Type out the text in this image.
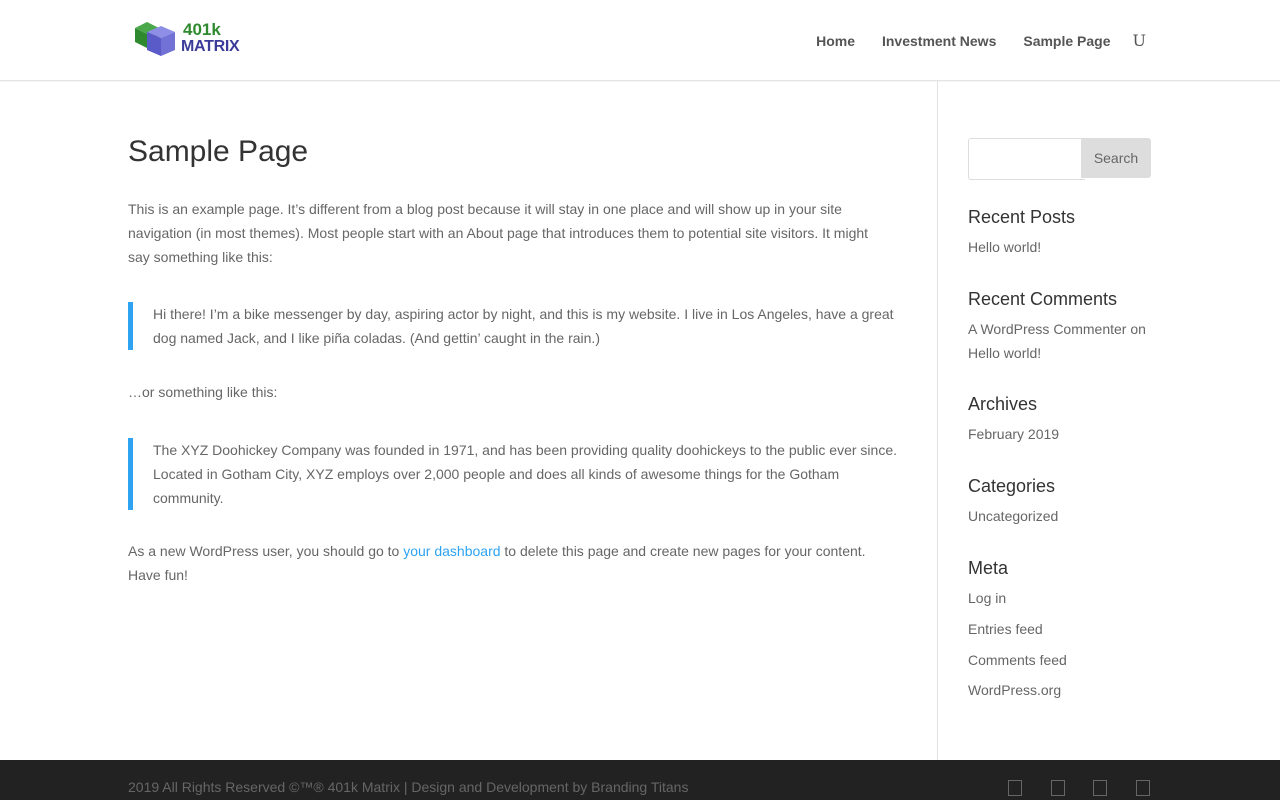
401k
MATRIX	Home Investment News Sample Page U
Sample Page
This is an example page. It’s different from a blog post because it will stay in one place and will show up in your site navigation (in most themes). Most people start with an About page that introduces them to potential site visitors. It might say something like this:
Hi there! I’m a bike messenger by day, aspiring actor by night, and this is my website. I live in Los Angeles, have a great dog named Jack, and I like piña coladas. (And gettin’ caught in the rain.)
…or something like this:
The XYZ Doohickey Company was founded in 1971, and has been providing quality doohickeys to the public ever since. Located in Gotham City, XYZ employs over 2,000 people and does all kinds of awesome things for the Gotham community.
As a new WordPress user, you should go to your dashboard to delete this page and create new pages for your content. Have fun!
Search
Recent Posts
Hello world!
Recent Comments
A WordPress Commenter on Hello world!
Archives
February 2019
Categories
Uncategorized
Meta
Log in
Entries feed
Comments feed
WordPress.org
2019 All Rights Reserved ©™® 401k Matrix | Design and Development by Branding Titans
